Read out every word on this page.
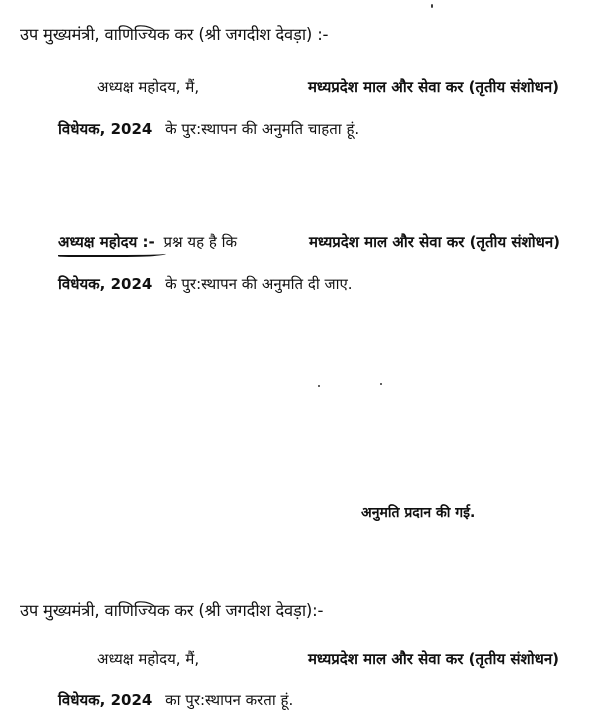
उप मुख्यमंत्री, वाणिज्यिक कर (श्री जगदीश देवड़ा) :-
अध्यक्ष महोदय, मैं,	मध्यप्रदेश माल और सेवा कर (तृतीय संशोधन)
विधेयक, 2024 के पुर:स्थापन की अनुमति चाहता हूं.
अध्यक्ष महोदय :- प्रश्न यह है कि	मध्यप्रदेश माल और सेवा कर (तृतीय संशोधन)
विधेयक, 2024 के पुर:स्थापन की अनुमति दी जाए.
अनुमति प्रदान की गई.
उप मुख्यमंत्री, वाणिज्यिक कर (श्री जगदीश देवड़ा):-
अध्यक्ष महोदय, मैं,	मध्यप्रदेश माल और सेवा कर (तृतीय संशोधन)
विधेयक, 2024 का पुर:स्थापन करता हूं.
